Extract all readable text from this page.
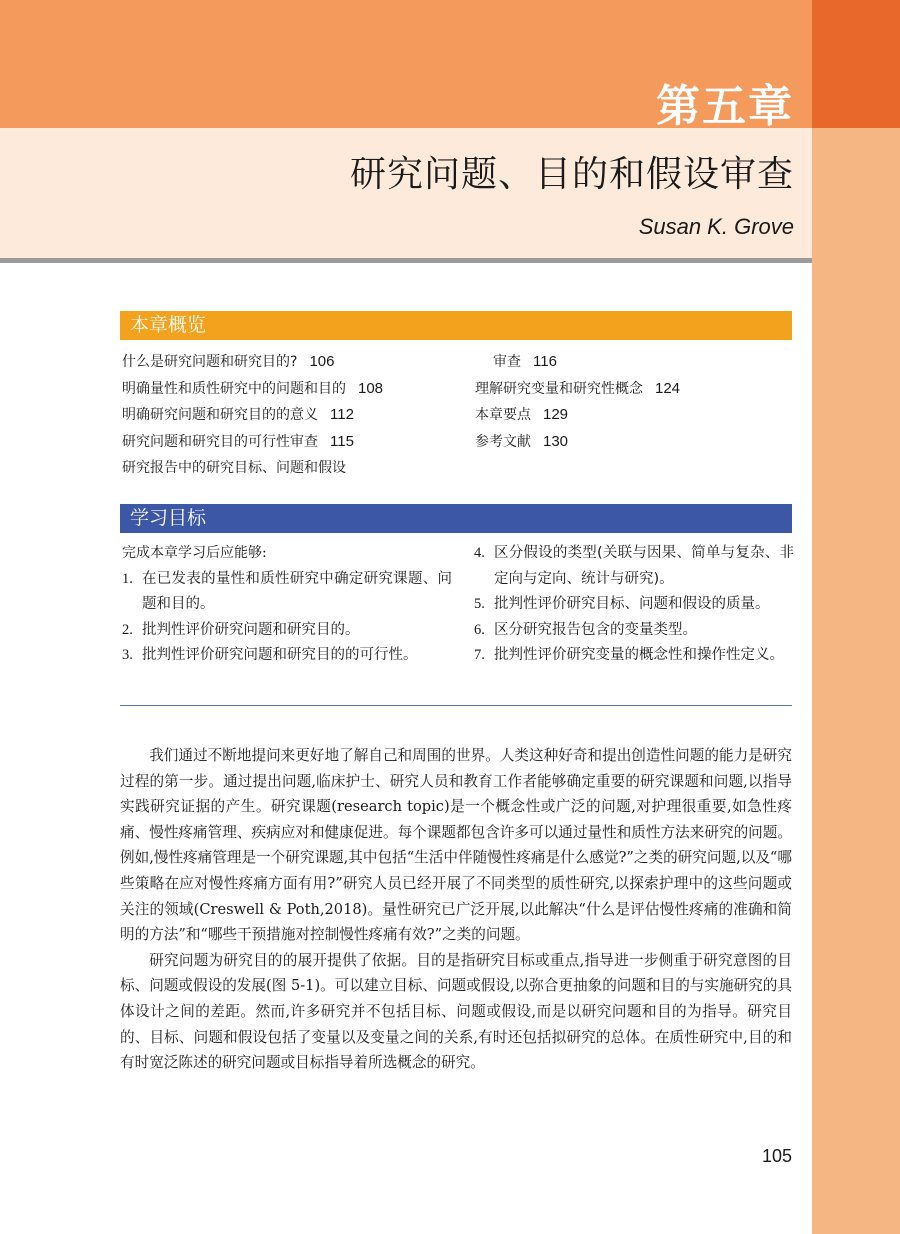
第五章
研究问题、目的和假设审查
Susan K. Grove
本章概览
什么是研究问题和研究目的? 106
明确量性和质性研究中的问题和目的 108
明确研究问题和研究目的的意义 112
研究问题和研究目的可行性审查 115
研究报告中的研究目标、问题和假设
审查 116
理解研究变量和研究性概念 124
本章要点 129
参考文献 130
学习目标
完成本章学习后应能够:
1. 在已发表的量性和质性研究中确定研究课题、问题和目的。
2. 批判性评价研究问题和研究目的。
3. 批判性评价研究问题和研究目的的可行性。
4. 区分假设的类型(关联与因果、简单与复杂、非定向与定向、统计与研究)。
5. 批判性评价研究目标、问题和假设的质量。
6. 区分研究报告包含的变量类型。
7. 批判性评价研究变量的概念性和操作性定义。

我们通过不断地提问来更好地了解自己和周围的世界。人类这种好奇和提出创造性问题的能力是研究过程的第一步。通过提出问题,临床护士、研究人员和教育工作者能够确定重要的研究课题和问题,以指导实践研究证据的产生。研究课题(research topic)是一个概念性或广泛的问题,对护理很重要,如急性疼痛、慢性疼痛管理、疾病应对和健康促进。每个课题都包含许多可以通过量性和质性方法来研究的问题。例如,慢性疼痛管理是一个研究课题,其中包括“生活中伴随慢性疼痛是什么感觉?”之类的研究问题,以及“哪些策略在应对慢性疼痛方面有用?”研究人员已经开展了不同类型的质性研究,以探索护理中的这些问题或关注的领域(Creswell & Poth,2018)。量性研究已广泛开展,以此解决“什么是评估慢性疼痛的准确和简明的方法”和“哪些干预措施对控制慢性疼痛有效?”之类的问题。

研究问题为研究目的的展开提供了依据。目的是指研究目标或重点,指导进一步侧重于研究意图的目标、问题或假设的发展(图 5-1)。可以建立目标、问题或假设,以弥合更抽象的问题和目的与实施研究的具体设计之间的差距。然而,许多研究并不包括目标、问题或假设,而是以研究问题和目的为指导。研究目的、目标、问题和假设包括了变量以及变量之间的关系,有时还包括拟研究的总体。在质性研究中,目的和有时宽泛陈述的研究问题或目标指导着所选概念的研究。

105
